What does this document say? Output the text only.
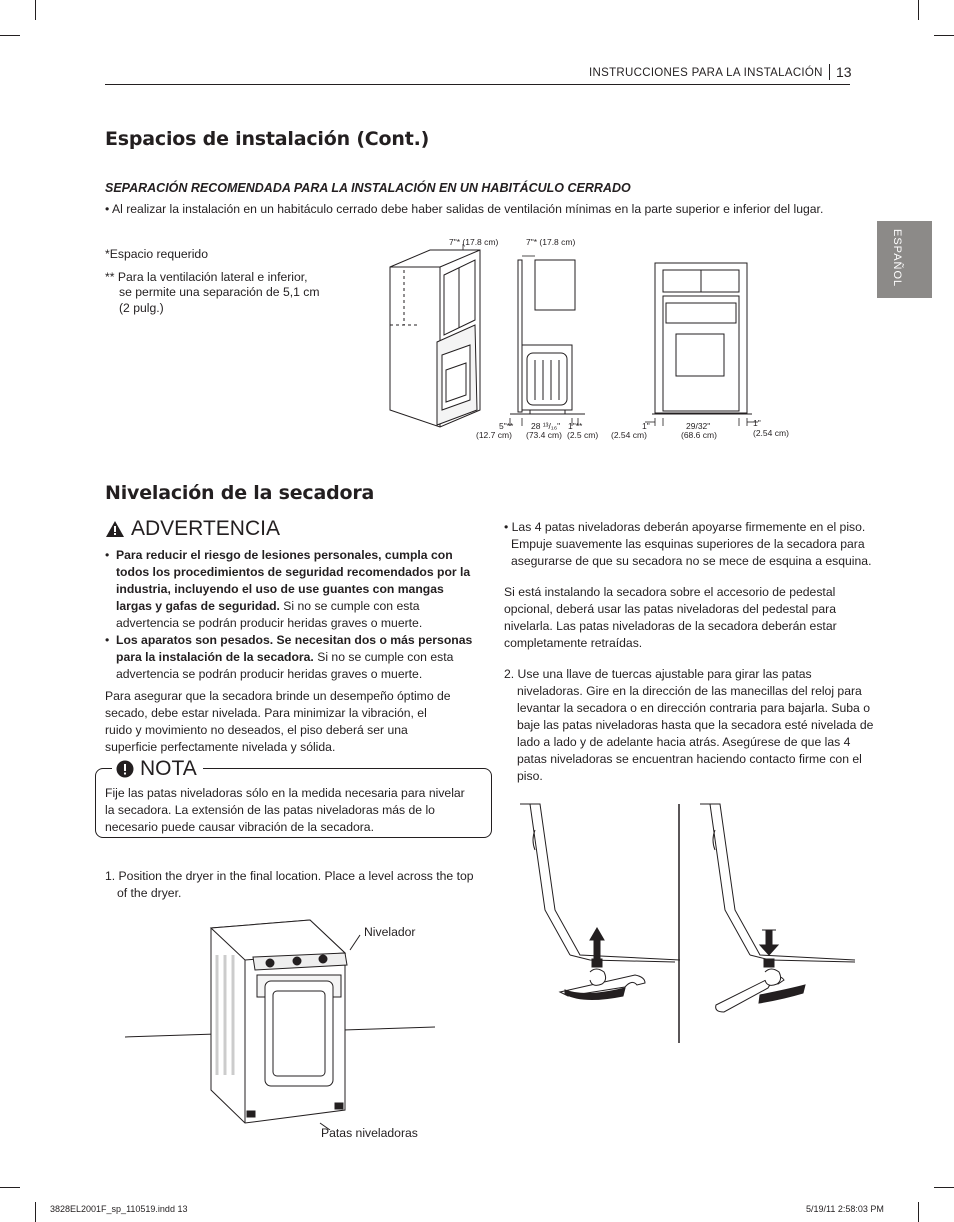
INSTRUCCIONES PARA LA INSTALACIÓN 13
ESPAÑOL
Espacios de instalación (Cont.)
SEPARACIÓN RECOMENDADA PARA LA INSTALACIÓN EN UN HABITÁCULO CERRADO
• Al realizar la instalación en un habitáculo cerrado debe haber salidas de ventilación mínimas en la parte superior e inferior del lugar.
*Espacio requerido
** Para la ventilación lateral e inferior,
se permite una separación de 5,1 cm
(2 pulg.)
7"* (17.8 cm)	7"* (17.8 cm)
5"**
(12.7 cm)
28 ¹³/₁₆"
(73.4 cm)
1"**
(2.5 cm)
1"
(2.54 cm)
29/32"
(68.6 cm)
1"
(2.54 cm)
Nivelación de la secadora
ADVERTENCIA
• Para reducir el riesgo de lesiones personales, cumpla con todos los procedimientos de seguridad recomendados por la industria, incluyendo el uso de use guantes con mangas largas y gafas de seguridad. Si no se cumple con esta advertencia se podrán producir heridas graves o muerte.
• Los aparatos son pesados. Se necesitan dos o más personas para la instalación de la secadora. Si no se cumple con esta advertencia se podrán producir heridas graves o muerte.
Para asegurar que la secadora brinde un desempeño óptimo de secado, debe estar nivelada. Para minimizar la vibración, el ruido y movimiento no deseados, el piso deberá ser una superficie perfectamente nivelada y sólida.
NOTA
Fije las patas niveladoras sólo en la medida necesaria para nivelar la secadora. La extensión de las patas niveladoras más de lo necesario puede causar vibración de la secadora.
1. Position the dryer in the final location. Place a level across the top of the dryer.
Nivelador
Patas niveladoras
• Las 4 patas niveladoras deberán apoyarse firmemente en el piso. Empuje suavemente las esquinas superiores de la secadora para asegurarse de que su secadora no se mece de esquina a esquina.
Si está instalando la secadora sobre el accesorio de pedestal opcional, deberá usar las patas niveladoras del pedestal para nivelarla. Las patas niveladoras de la secadora deberán estar completamente retraídas.
2. Use una llave de tuercas ajustable para girar las patas niveladoras. Gire en la dirección de las manecillas del reloj para levantar la secadora o en dirección contraria para bajarla. Suba o baje las patas niveladoras hasta que la secadora esté nivelada de lado a lado y de adelante hacia atrás. Asegúrese de que las 4 patas niveladoras se encuentran haciendo contacto firme con el piso.
3828EL2001F_sp_110519.indd 13	5/19/11 2:58:03 PM
